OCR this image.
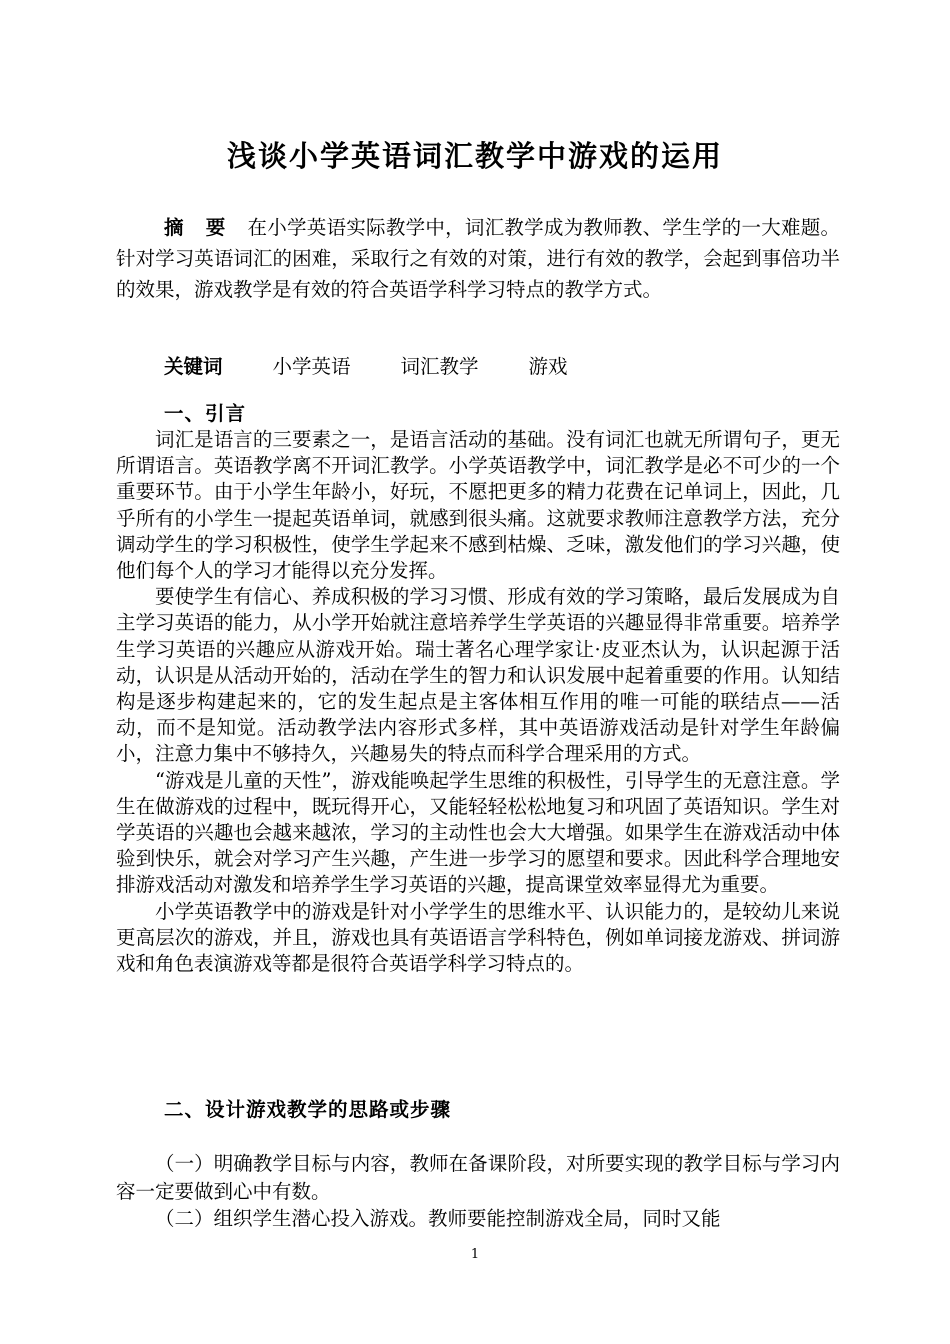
浅谈小学英语词汇教学中游戏的运用
摘要在小学英语实际教学中，词汇教学成为教师教、学生学的一大难题。针对学习英语词汇的困难，采取行之有效的对策，进行有效的教学，会起到事倍功半的效果，游戏教学是有效的符合英语学科学习特点的教学方式。
关键词	小学英语	词汇教学	游戏
一、引言

词汇是语言的三要素之一，是语言活动的基础。没有词汇也就无所谓句子，更无所谓语言。英语教学离不开词汇教学。小学英语教学中，词汇教学是必不可少的一个重要环节。由于小学生年龄小，好玩，不愿把更多的精力花费在记单词上，因此，几乎所有的小学生一提起英语单词，就感到很头痛。这就要求教师注意教学方法，充分调动学生的学习积极性，使学生学起来不感到枯燥、乏味，激发他们的学习兴趣，使他们每个人的学习才能得以充分发挥。

要使学生有信心、养成积极的学习习惯、形成有效的学习策略，最后发展成为自主学习英语的能力，从小学开始就注意培养学生学英语的兴趣显得非常重要。培养学生学习英语的兴趣应从游戏开始。瑞士著名心理学家让·皮亚杰认为，认识起源于活动，认识是从活动开始的，活动在学生的智力和认识发展中起着重要的作用。认知结构是逐步构建起来的，它的发生起点是主客体相互作用的唯一可能的联结点——活动，而不是知觉。活动教学法内容形式多样，其中英语游戏活动是针对学生年龄偏小，注意力集中不够持久，兴趣易失的特点而科学合理采用的方式。

“游戏是儿童的天性”，游戏能唤起学生思维的积极性，引导学生的无意注意。学生在做游戏的过程中，既玩得开心，又能轻轻松松地复习和巩固了英语知识。学生对学英语的兴趣也会越来越浓，学习的主动性也会大大增强。如果学生在游戏活动中体验到快乐，就会对学习产生兴趣，产生进一步学习的愿望和要求。因此科学合理地安排游戏活动对激发和培养学生学习英语的兴趣，提高课堂效率显得尤为重要。

小学英语教学中的游戏是针对小学学生的思维水平、认识能力的，是较幼儿来说更高层次的游戏，并且，游戏也具有英语语言学科特色，例如单词接龙游戏、拼词游戏和角色表演游戏等都是很符合英语学科学习特点的。

二、设计游戏教学的思路或步骤

（一）明确教学目标与内容，教师在备课阶段，对所要实现的教学目标与学习内容一定要做到心中有数。

（二）组织学生潜心投入游戏。教师要能控制游戏全局，同时又能

1
